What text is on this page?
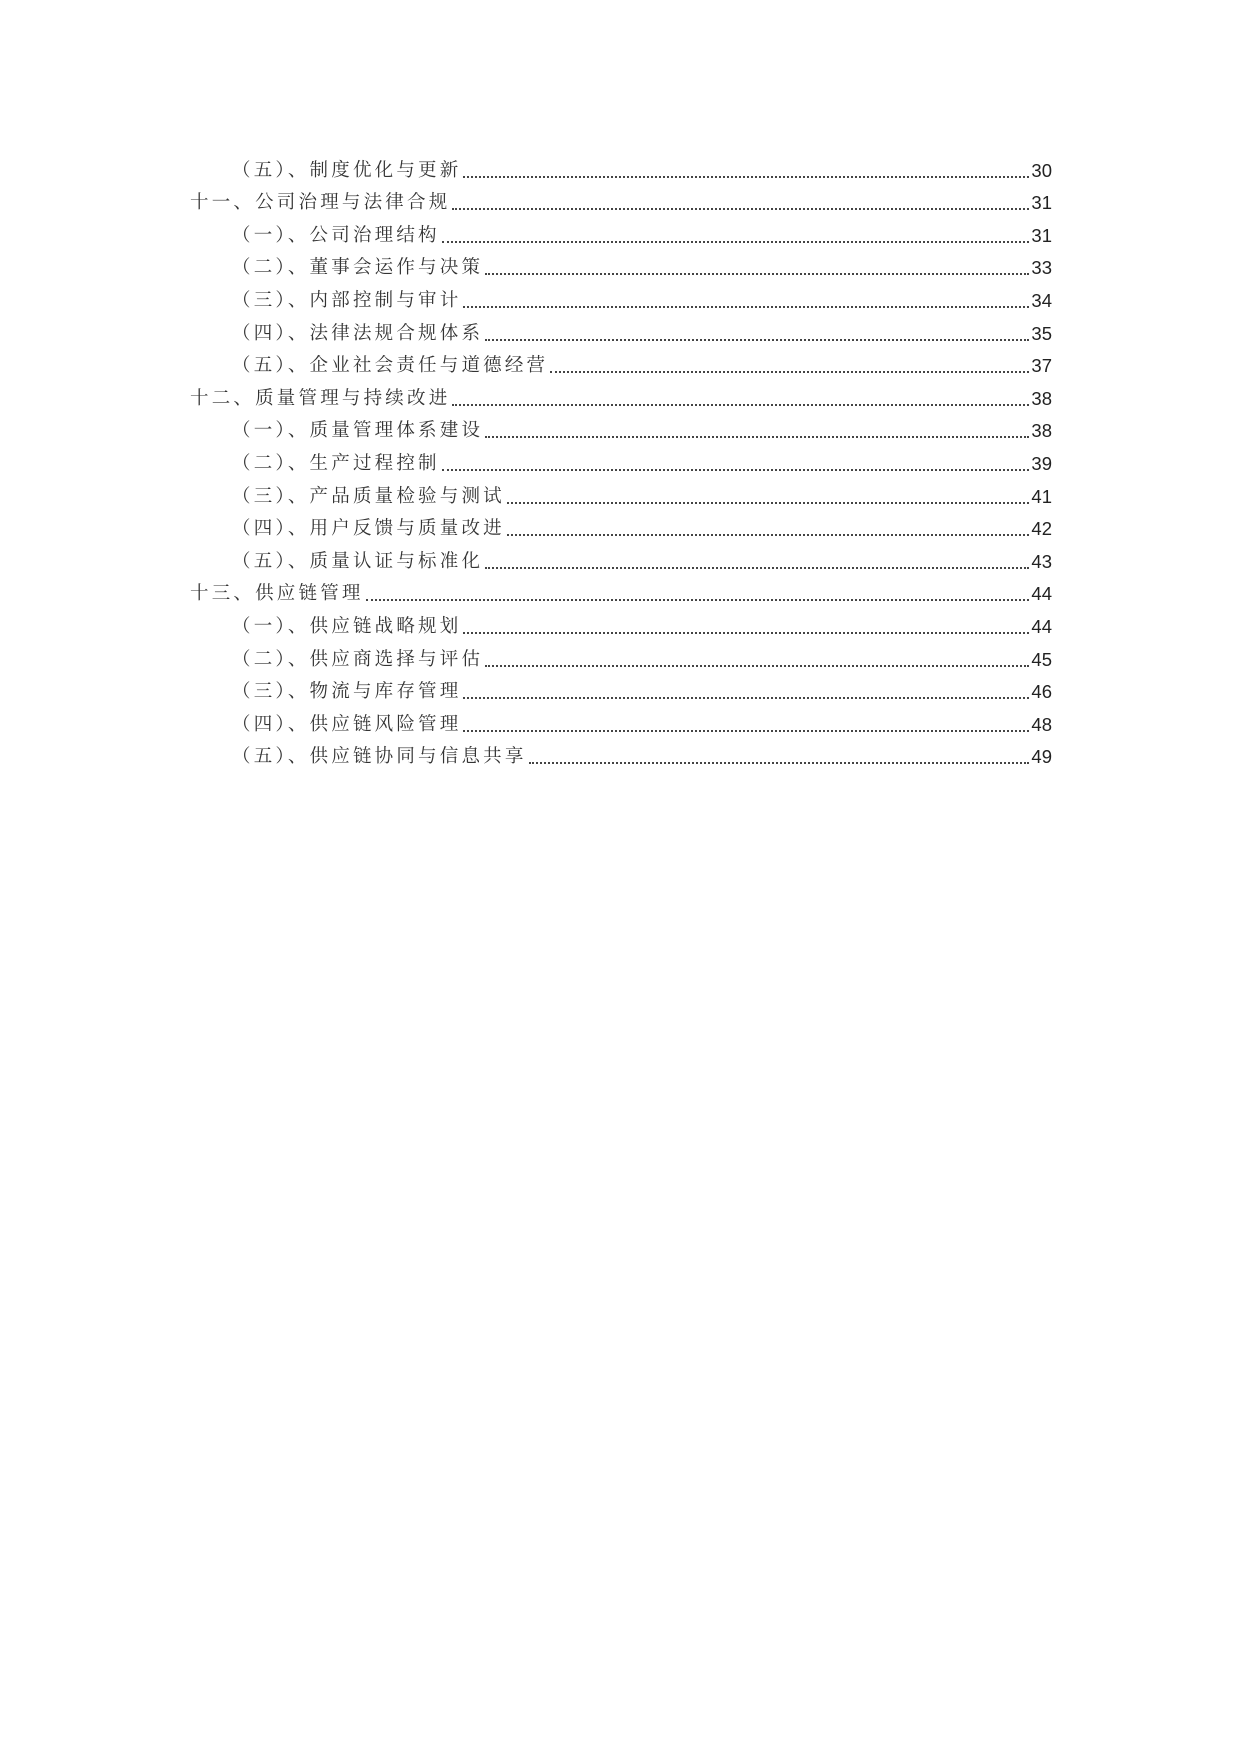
（五）、制度优化与更新	30
十一、公司治理与法律合规	31
（一）、公司治理结构	31
（二）、董事会运作与决策	33
（三）、内部控制与审计	34
（四）、法律法规合规体系	35
（五）、企业社会责任与道德经营	37
十二、质量管理与持续改进	38
（一）、质量管理体系建设	38
（二）、生产过程控制	39
（三）、产品质量检验与测试	41
（四）、用户反馈与质量改进	42
（五）、质量认证与标准化	43
十三、供应链管理	44
（一）、供应链战略规划	44
（二）、供应商选择与评估	45
（三）、物流与库存管理	46
（四）、供应链风险管理	48
（五）、供应链协同与信息共享	49
